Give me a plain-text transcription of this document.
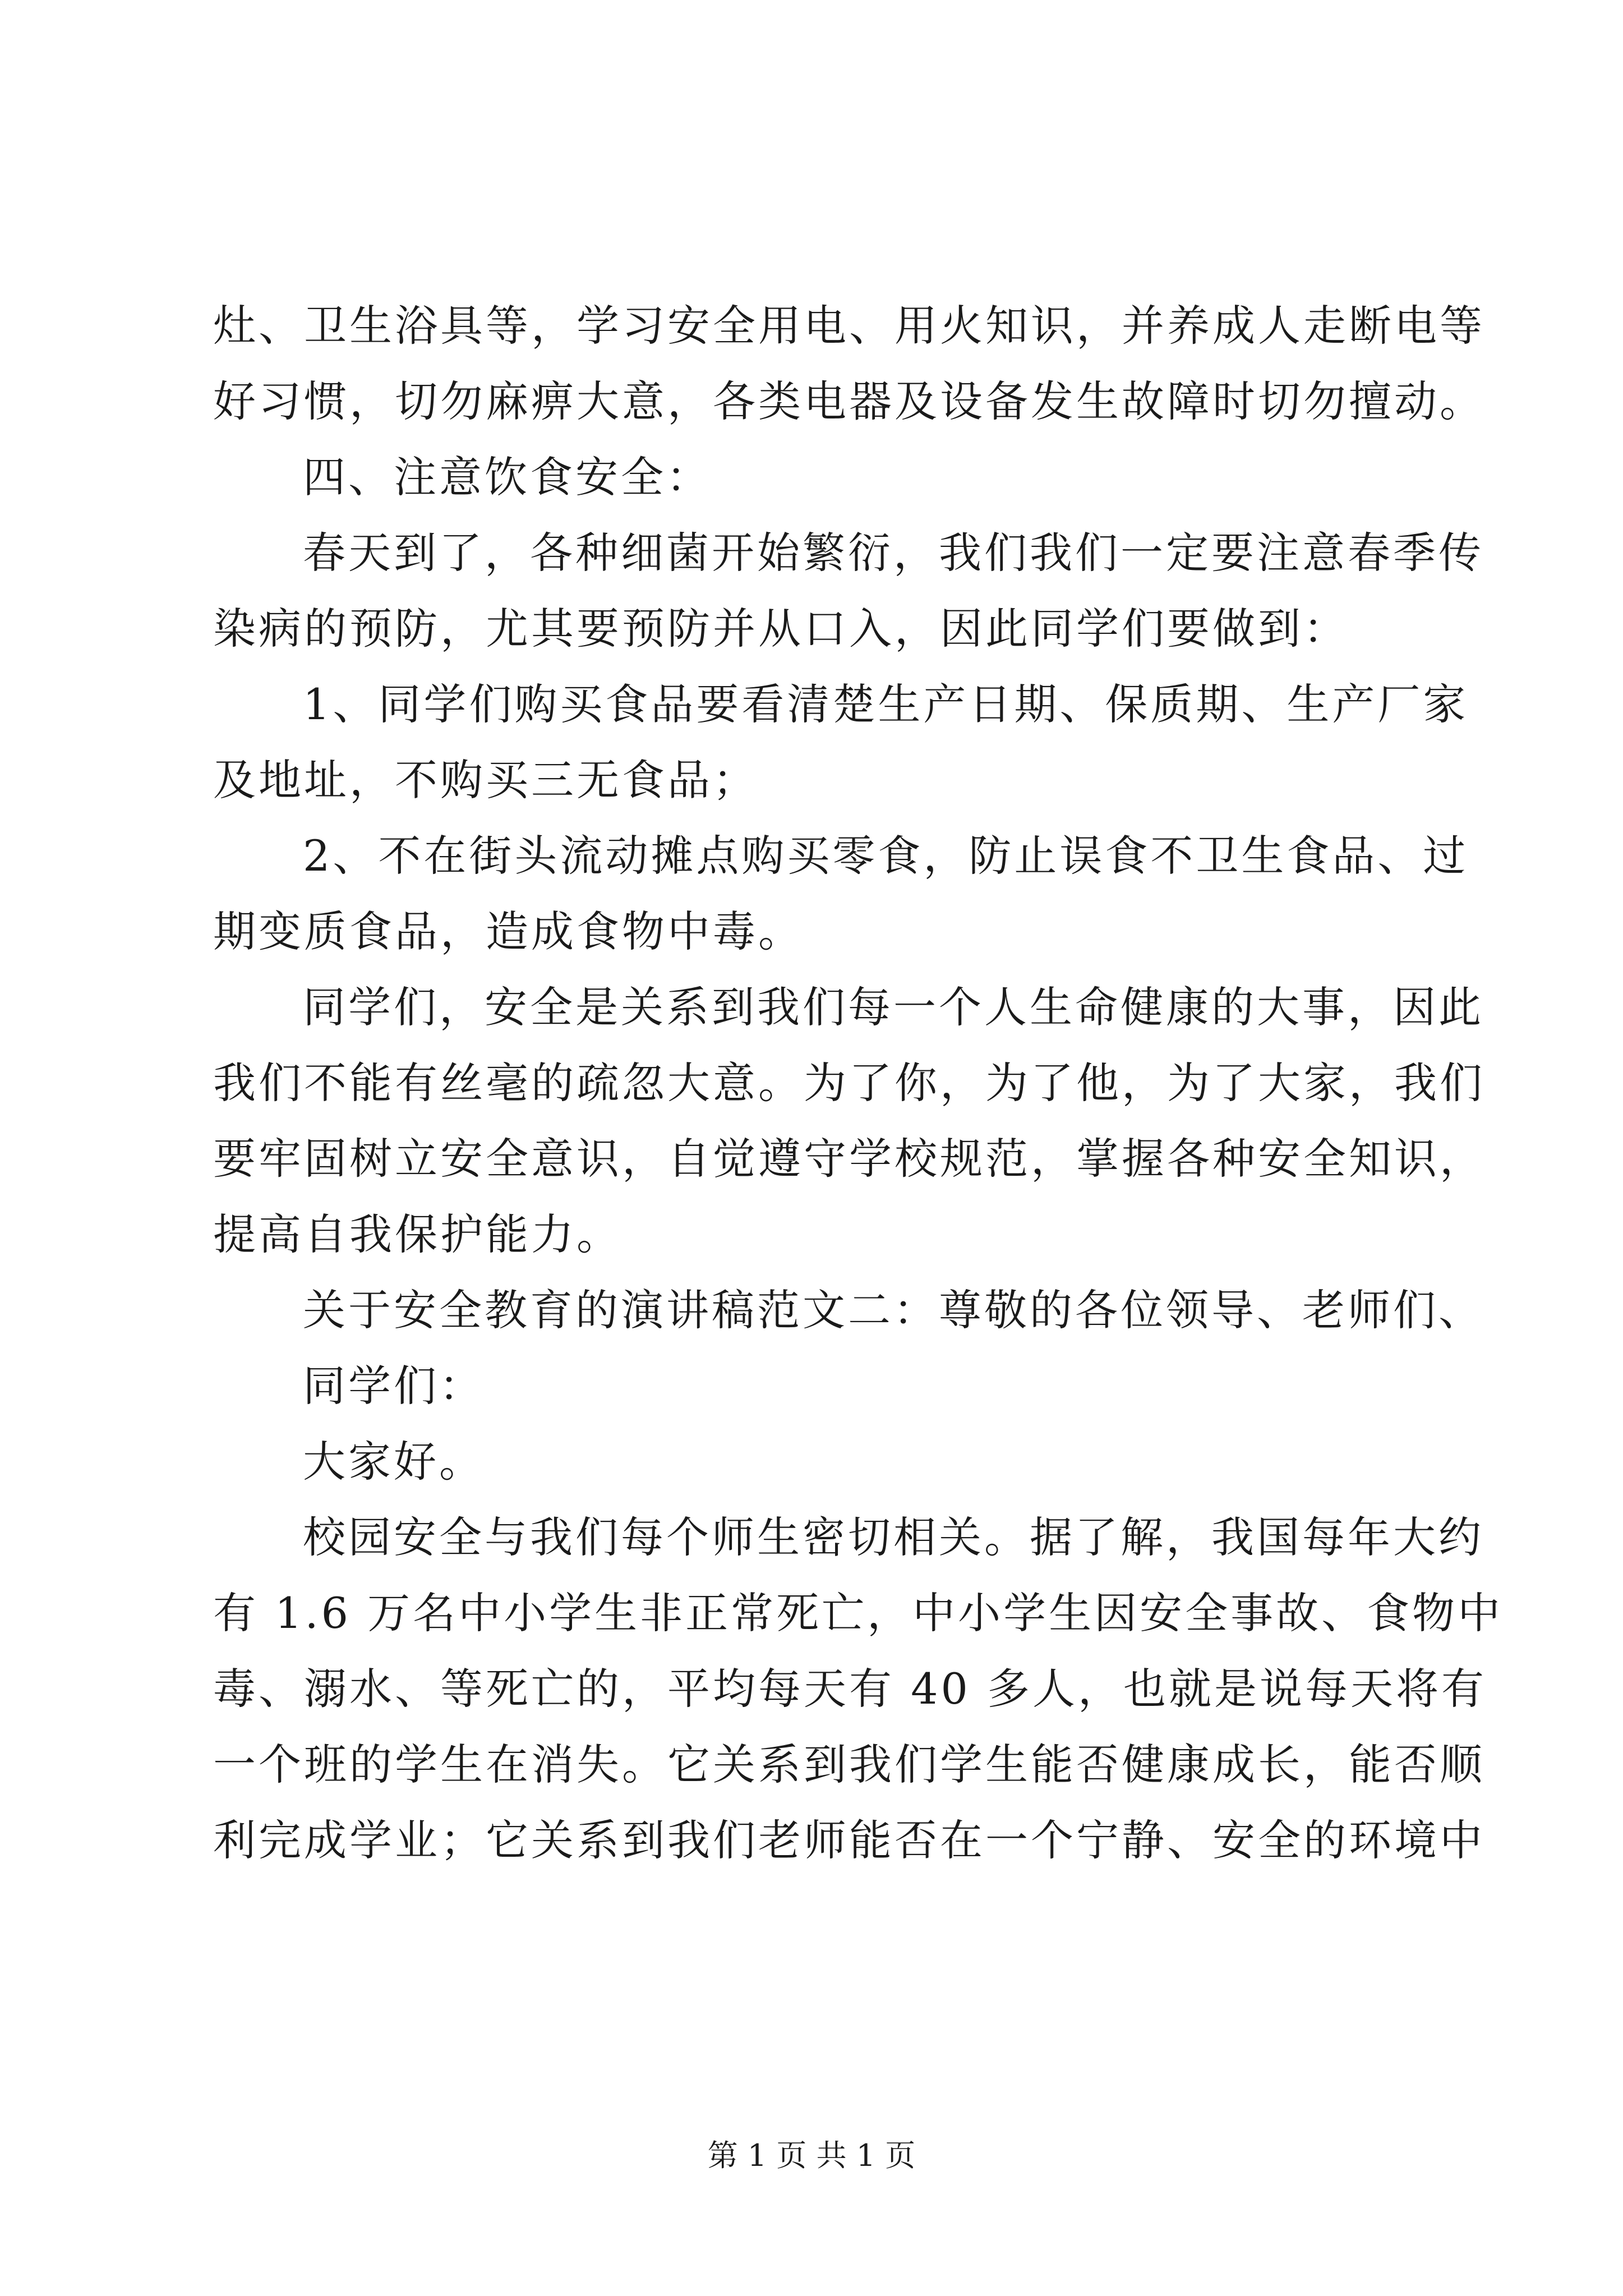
灶、卫生浴具等，学习安全用电、用火知识，并养成人走断电等
好习惯，切勿麻痹大意，各类电器及设备发生故障时切勿擅动。
四、注意饮食安全：
春天到了，各种细菌开始繁衍，我们我们一定要注意春季传
染病的预防，尤其要预防并从口入，因此同学们要做到：
1、同学们购买食品要看清楚生产日期、保质期、生产厂家
及地址，不购买三无食品；
2、不在街头流动摊点购买零食，防止误食不卫生食品、过
期变质食品，造成食物中毒。
同学们，安全是关系到我们每一个人生命健康的大事，因此
我们不能有丝毫的疏忽大意。为了你，为了他，为了大家，我们
要牢固树立安全意识，自觉遵守学校规范，掌握各种安全知识，
提高自我保护能力。
关于安全教育的演讲稿范文二：尊敬的各位领导、老师们、
同学们：
大家好。
校园安全与我们每个师生密切相关。据了解，我国每年大约
有 1.6 万名中小学生非正常死亡，中小学生因安全事故、食物中
毒、溺水、等死亡的，平均每天有 40 多人，也就是说每天将有
一个班的学生在消失。它关系到我们学生能否健康成长，能否顺
利完成学业；它关系到我们老师能否在一个宁静、安全的环境中
第 1 页 共 1 页
